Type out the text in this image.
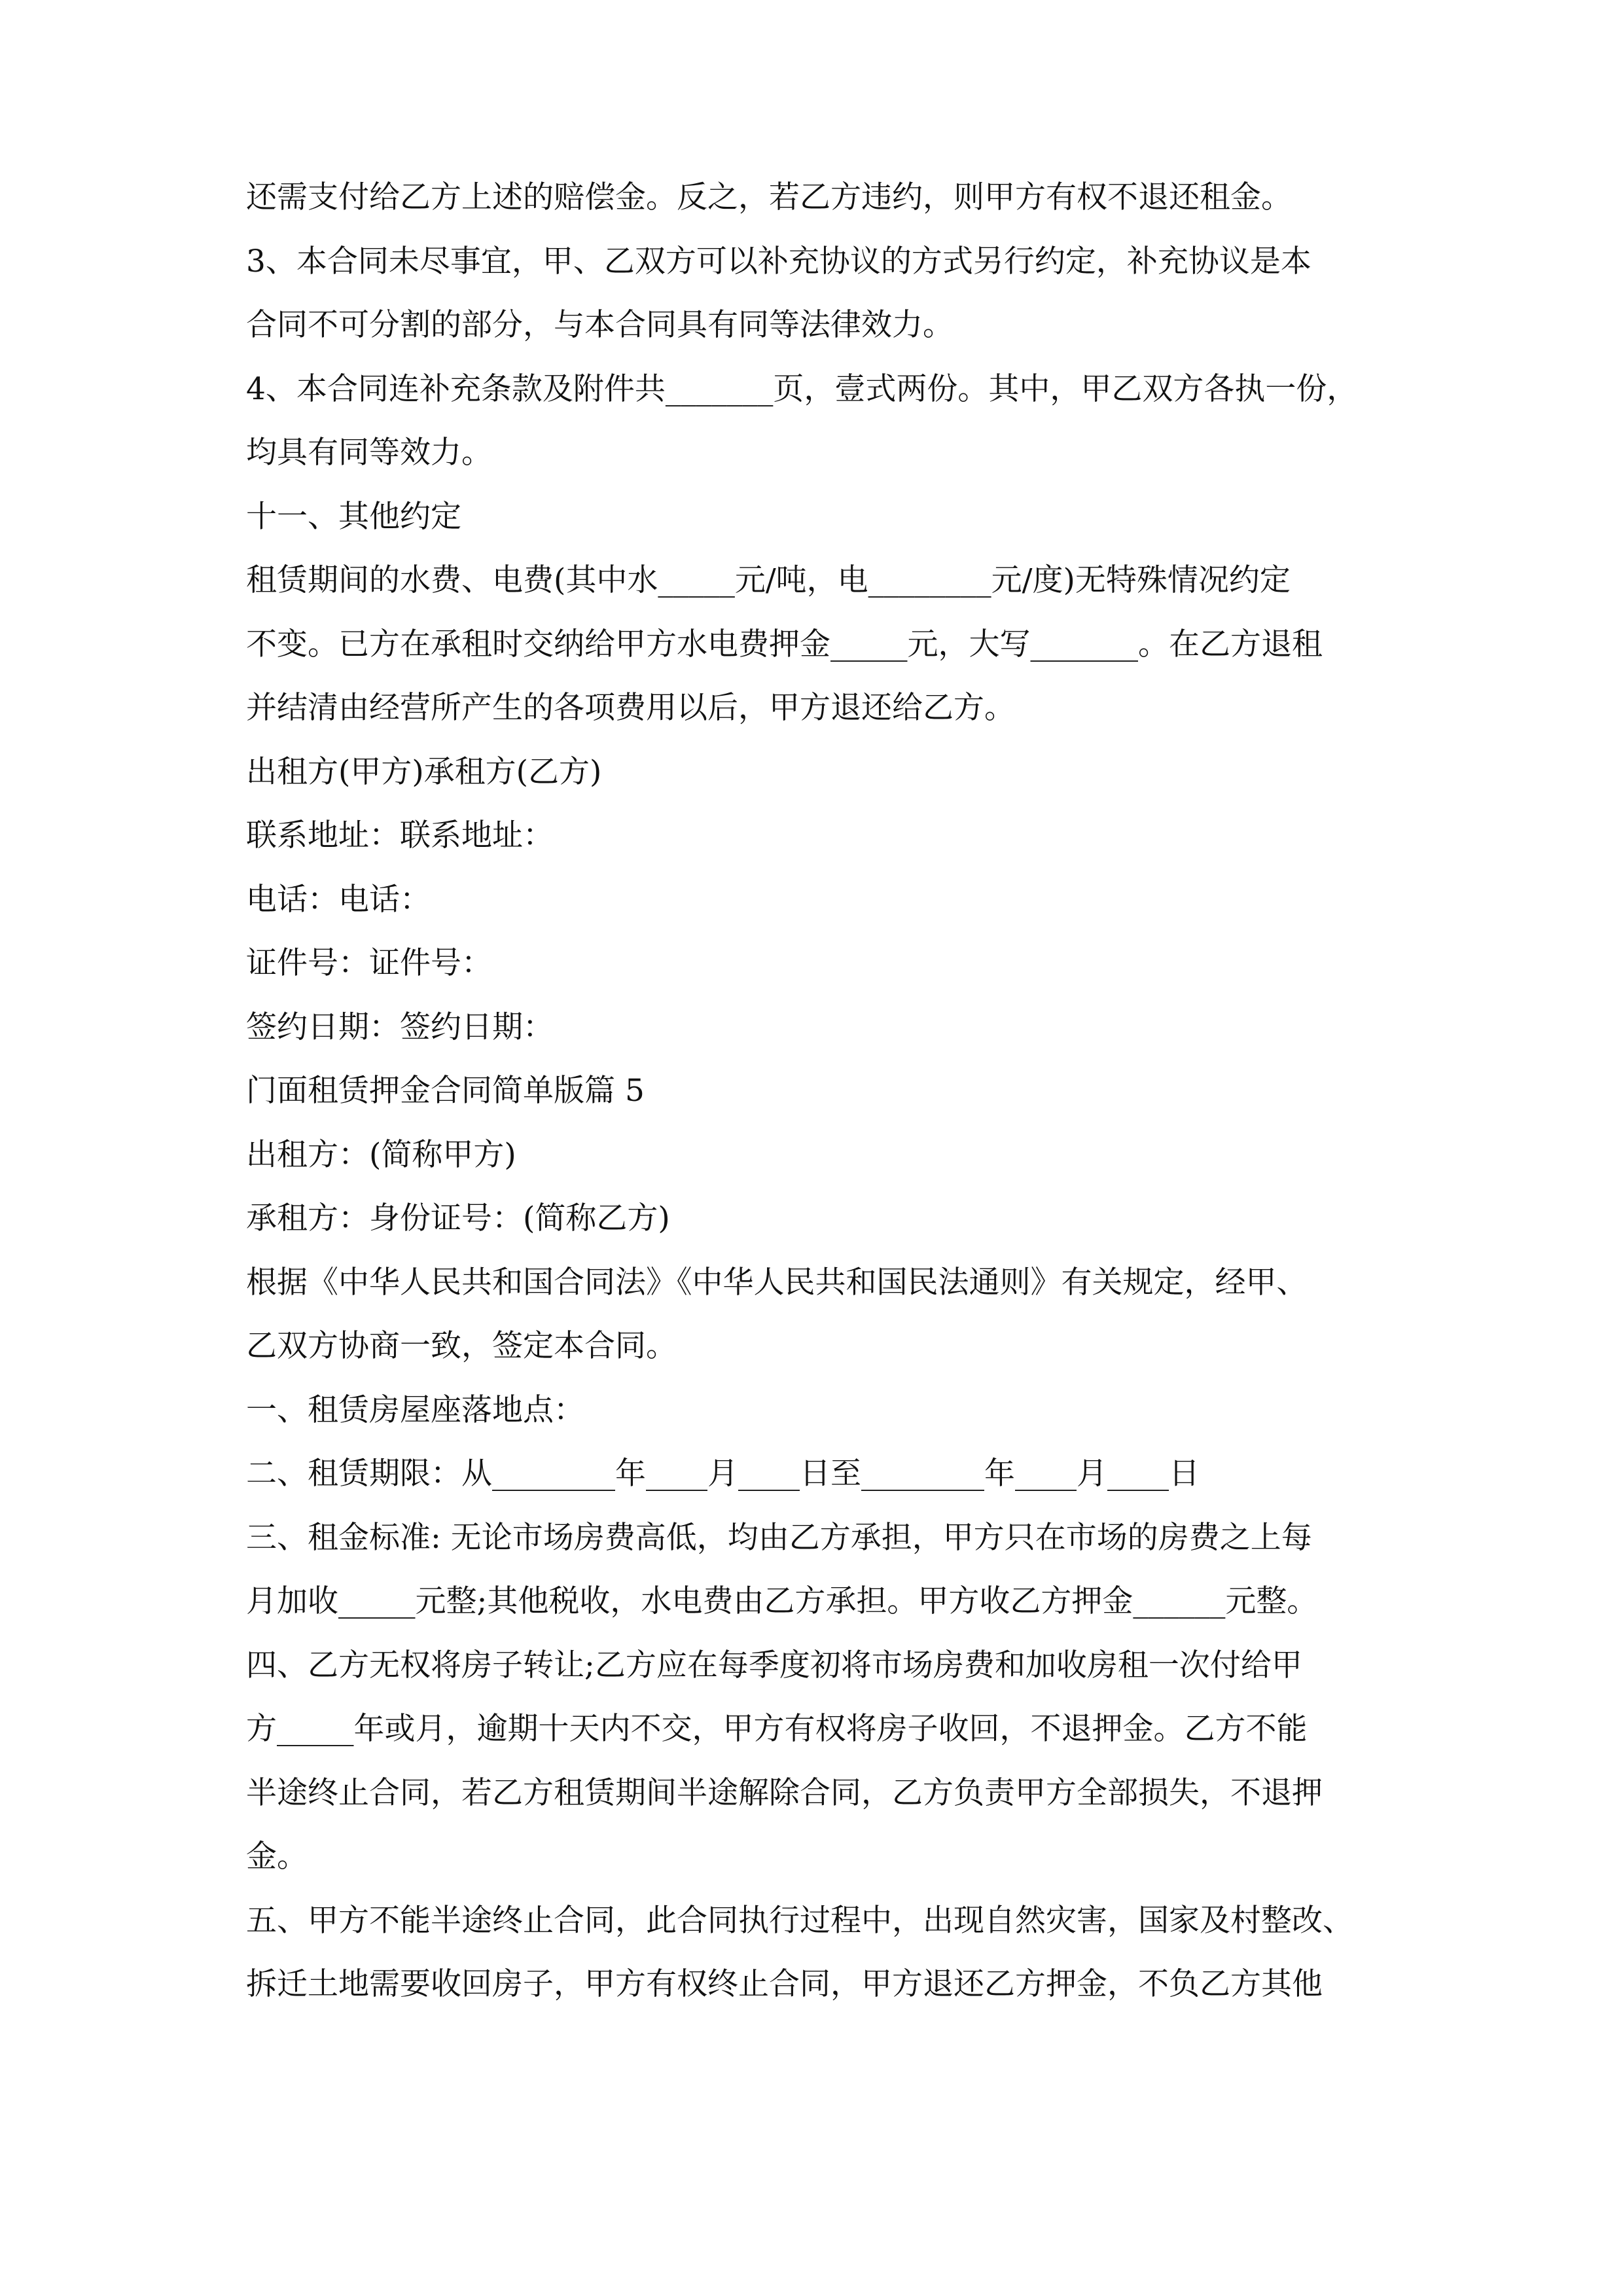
还需支付给乙方上述的赔偿金。反之，若乙方违约，则甲方有权不退还租金。
3、本合同未尽事宜，甲、乙双方可以补充协议的方式另行约定，补充协议是本
合同不可分割的部分，与本合同具有同等法律效力。
4、本合同连补充条款及附件共_______页，壹式两份。其中，甲乙双方各执一份，
均具有同等效力。
十一、其他约定
租赁期间的水费、电费(其中水_____元/吨，电________元/度)无特殊情况约定
不变。已方在承租时交纳给甲方水电费押金_____元，大写_______。在乙方退租
并结清由经营所产生的各项费用以后，甲方退还给乙方。
出租方(甲方)承租方(乙方)
联系地址：联系地址：
电话：电话：
证件号：证件号：
签约日期：签约日期：
门面租赁押金合同简单版篇 5
出租方：(简称甲方)
承租方：身份证号：(简称乙方)
根据《中华人民共和国合同法》《中华人民共和国民法通则》有关规定，经甲、
乙双方协商一致，签定本合同。
一、租赁房屋座落地点：
二、租赁期限：从________年____月____日至________年____月____日
三、租金标准: 无论市场房费高低，均由乙方承担，甲方只在市场的房费之上每
月加收_____元整;其他税收，水电费由乙方承担。甲方收乙方押金______元整。
四、乙方无权将房子转让;乙方应在每季度初将市场房费和加收房租一次付给甲
方_____年或月，逾期十天内不交，甲方有权将房子收回，不退押金。乙方不能
半途终止合同，若乙方租赁期间半途解除合同，乙方负责甲方全部损失，不退押
金。
五、甲方不能半途终止合同，此合同执行过程中，出现自然灾害，国家及村整改、
拆迁土地需要收回房子，甲方有权终止合同，甲方退还乙方押金，不负乙方其他
